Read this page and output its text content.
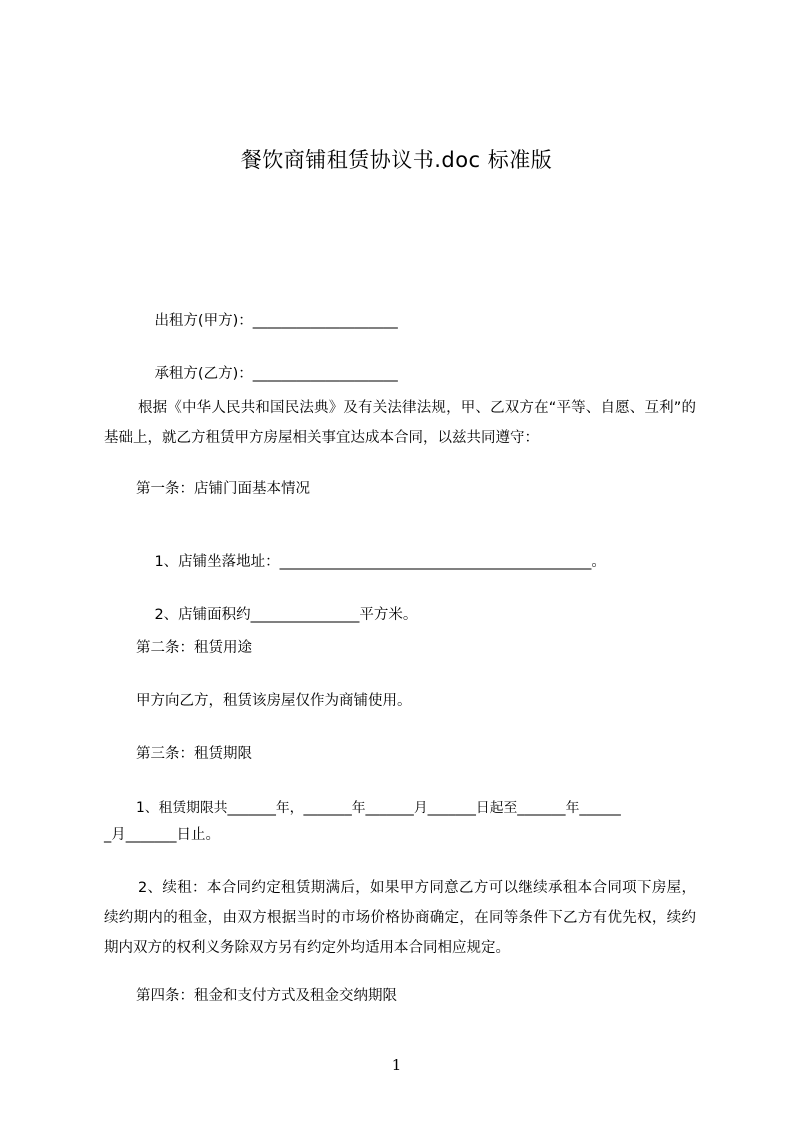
餐饮商铺租赁协议书.doc 标准版

出租方(甲方)：____________________

承租方(乙方)：____________________

根据《中华人民共和国民法典》及有关法律法规，甲、乙双方在“平等、自愿、互利”的基础上，就乙方租赁甲方房屋相关事宜达成本合同，以兹共同遵守：
第一条：店铺门面基本情况

1、店铺坐落地址：___________________________________________。

2、店铺面积约_______________平方米。

第二条：租赁用途
甲方向乙方，租赁该房屋仅作为商铺使用。
第三条：租赁期限
1、租赁期限共_______年，_______年_______月_______日起至_______年______
_月_______日止。
2、续租：本合同约定租赁期满后，如果甲方同意乙方可以继续承租本合同项下房屋，续约期内的租金，由双方根据当时的市场价格协商确定，在同等条件下乙方有优先权，续约期内双方的权利义务除双方另有约定外均适用本合同相应规定。
第四条：租金和支付方式及租金交纳期限
1
